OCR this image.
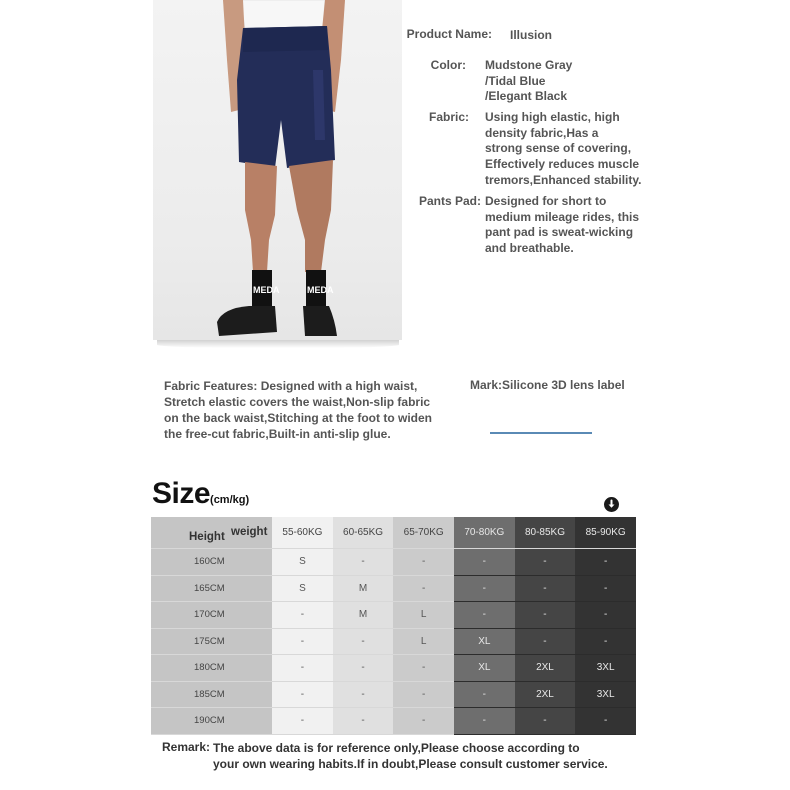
MEDA	MEDA
Product Name: Illusion
Color: Mudstone Gray
/Tidal Blue
/Elegant Black
Fabric: Using high elastic, high
density fabric,Has a
strong sense of covering,
Effectively reduces muscle
tremors,Enhanced stability.
Pants Pad: Designed for short to
medium mileage rides, this
pant pad is sweat-wicking
and breathable.
Fabric Features: Designed with a high waist,
Stretch elastic covers the waist,Non-slip fabric
on the back waist,Stitching at the foot to widen
the free-cut fabric,Built-in anti-slip glue.
Mark:Silicone 3D lens label
Size(cm/kg)
Height weight	55-60KG	60-65KG	65-70KG	70-80KG	80-85KG	85-90KG
160CM	S	-	-	-	-	-
165CM	S	M	-	-	-	-
170CM	-	M	L	-	-	-
175CM	-	-	L	XL	-	-
180CM	-	-	-	XL	2XL	3XL
185CM	-	-	-	-	2XL	3XL
190CM	-	-	-	-	-	-
Remark: The above data is for reference only,Please choose according to
your own wearing habits.If in doubt,Please consult customer service.
